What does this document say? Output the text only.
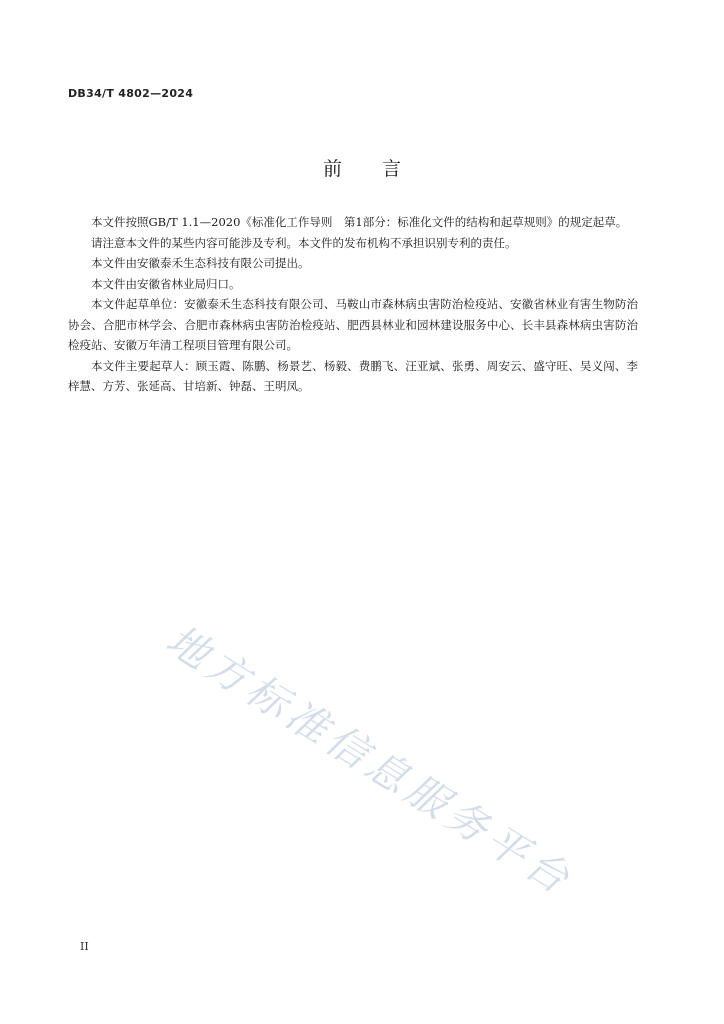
DB34/T 4802—2024
前言

本文件按照GB/T 1.1—2020《标准化工作导则　第1部分：标准化文件的结构和起草规则》的规定起草。

请注意本文件的某些内容可能涉及专利。本文件的发布机构不承担识别专利的责任。

本文件由安徽泰禾生态科技有限公司提出。

本文件由安徽省林业局归口。

本文件起草单位：安徽泰禾生态科技有限公司、马鞍山市森林病虫害防治检疫站、安徽省林业有害生物防治协会、合肥市林学会、合肥市森林病虫害防治检疫站、肥西县林业和园林建设服务中心、长丰县森林病虫害防治检疫站、安徽万年清工程项目管理有限公司。

本文件主要起草人：顾玉霞、陈鹏、杨景艺、杨毅、费鹏飞、汪亚斌、张勇、周安云、盛守旺、吴义闯、李梓慧、方芳、张延高、甘培新、钟磊、王明凤。

地方标准信息服务平台
II
